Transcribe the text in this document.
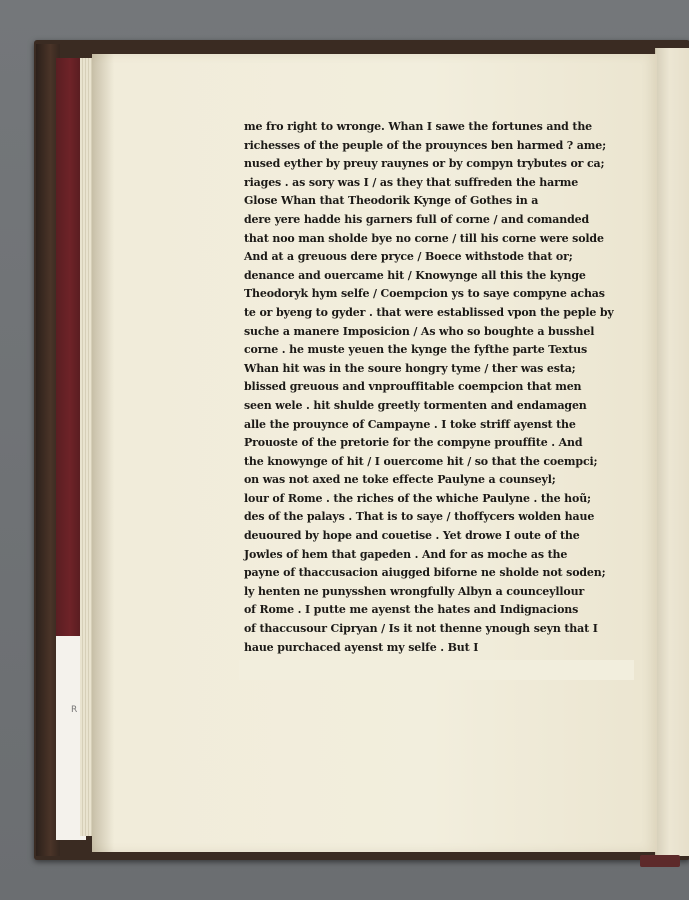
R
me fro right to wronge. Whan I sawe the fortunes and the
richesses of the peuple of the prouynces ben harmed ? ame;
nused eyther by preuy rauynes or by compyn trybutes or ca;
riages . as sory was I / as they that suffreden the harme
Glose Whan that Theodorik Kynge of Gothes in a
dere yere hadde his garners full of corne / and comanded
that noo man sholde bye no corne / till his corne were solde
And at a greuous dere pryce / Boece withstode that or;
denance and ouercame hit / Knowynge all this the kynge
Theodoryk hym selfe / Coempcion ys to saye compyne achas
te or byeng to gyder . that were establissed vpon the peple by
suche a manere Imposicion / As who so boughte a busshel
corne . he muste yeuen the kynge the fyfthe parte Textus
Whan hit was in the soure hongry tyme / ther was esta;
blissed greuous and vnprouffitable coempcion that men
seen wele . hit shulde greetly tormenten and endamagen
alle the prouynce of Campayne . I toke striff ayenst the
Prouoste of the pretorie for the compyne prouffite . And
the knowynge of hit / I ouercome hit / so that the coempci;
on was not axed ne toke effecte Paulyne a counseyl;
lour of Rome . the riches of the whiche Paulyne . the hoũ;
des of the palays . That is to saye / thoffycers wolden haue
deuoured by hope and couetise . Yet drowe I oute of the
Jowles of hem that gapeden . And for as moche as the
payne of thaccusacion aiugged biforne ne sholde not soden;
ly henten ne punysshen wrongfully Albyn a counceyllour
of Rome . I putte me ayenst the hates and Indignacions
of thaccusour Cipryan / Is it not thenne ynough seyn that I
haue purchaced ayenst my selfe . But I
